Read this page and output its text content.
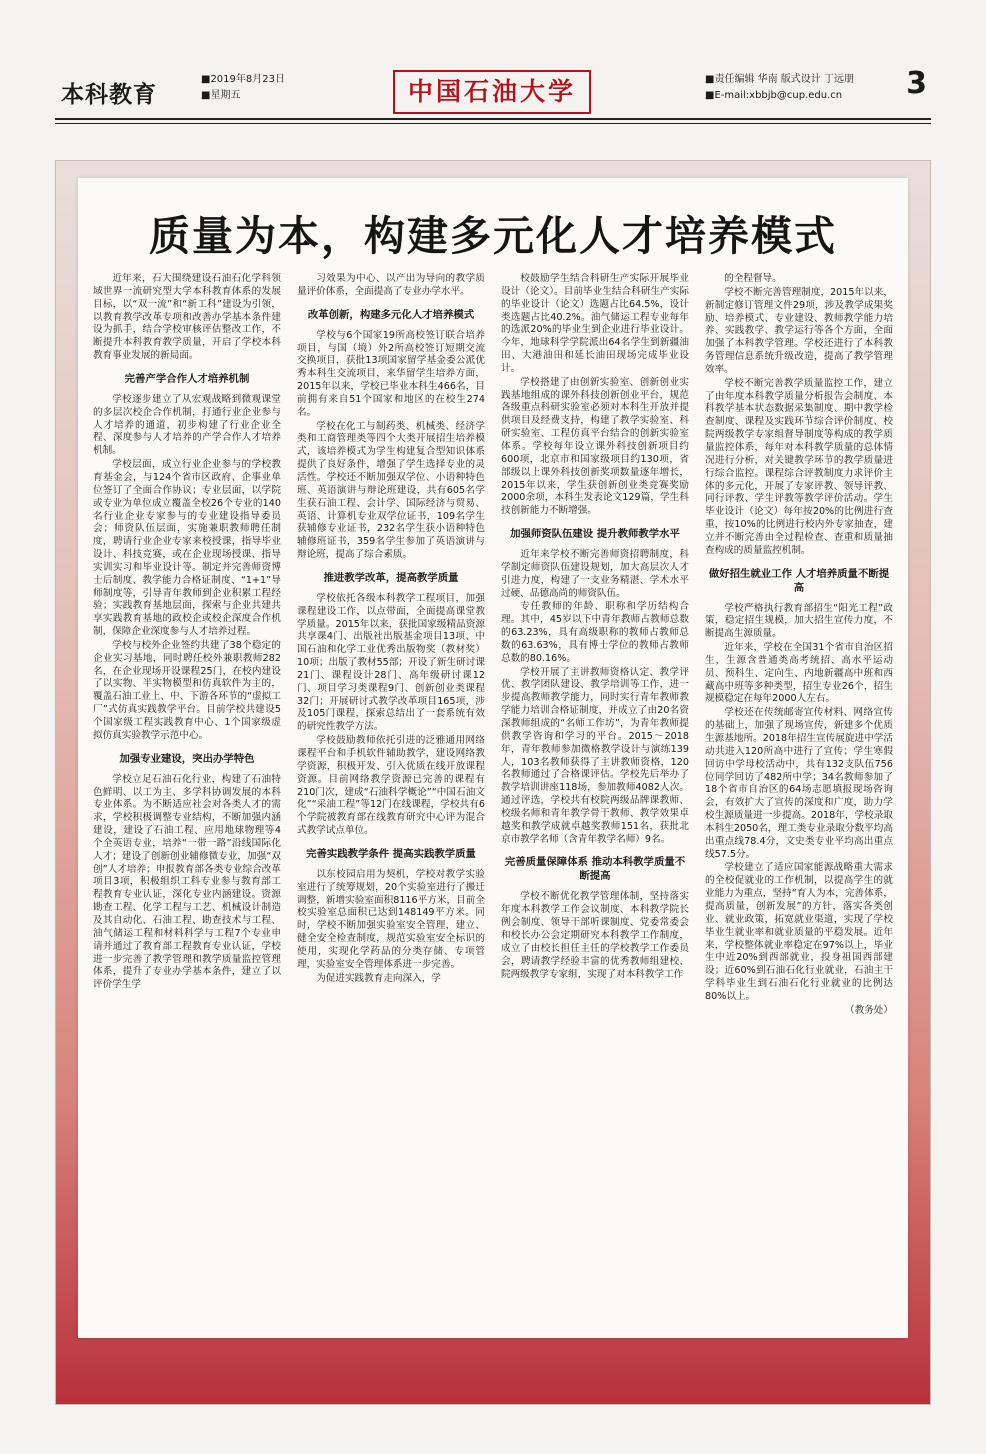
本科教育
■2019年8月23日
■星期五	中国石油大学	■责任编辑 华南 版式设计 丁远朋
■E-mail:xbbjb@cup.edu.cn	3
质量为本，构建多元化人才培养模式

近年来，石大围绕建设石油石化学科领域世界一流研究型大学本科教育体系的发展目标，以“双一流”和“新工科”建设为引领，以教育教学改革专项和改善办学基本条件建设为抓手，结合学校审核评估整改工作，不断提升本科教育教学质量，开启了学校本科教育事业发展的新局面。

完善产学合作人才培养机制

学校逐步建立了从宏观战略到微观课堂的多层次校企合作机制，打通行业企业参与人才培养的通道，初步构建了行业企业全程、深度参与人才培养的产学合作人才培养机制。

学校层面，成立行业企业参与的学校教育基金会，与124个省市区政府、企事业单位签订了全面合作协议；专业层面，以学院或专业为单位成立覆盖全校26个专业的140名行业企业专家参与的专业建设指导委员会；师资队伍层面，实施兼职教师聘任制度，聘请行业企业专家来校授课，指导毕业设计、科技竞赛，或在企业现场授课、指导实训实习和毕业设计等。制定并完善师资博士后制度、教学能力合格证制度、“1+1”导师制度等，引导青年教师到企业积累工程经验；实践教育基地层面，探索与企业共建共享实践教育基地的政校企或校企深度合作机制，保障企业深度参与人才培养过程。

学校与校外企业签约共建了38个稳定的企业实习基地，同时聘任校外兼职教师282名，在企业现场开设课程25门，在校内建设了以实物、半实物模型和仿真软件为主的，覆盖石油工业上、中、下游各环节的“虚拟工厂”式仿真实践教学平台。目前学校共建设5个国家级工程实践教育中心、1个国家级虚拟仿真实验教学示范中心。

加强专业建设，突出办学特色

学校立足石油石化行业，构建了石油特色鲜明、以工为主、多学科协调发展的本科专业体系。为不断适应社会对各类人才的需求，学校积极调整专业结构，不断加强内涵建设，建设了石油工程、应用地球物理等4个全英语专业，培养“一带一路”沿线国际化人才；建设了创新创业辅修微专业，加强“双创”人才培养；申报教育部各类专业综合改革项目3项，积极组织工科专业参与教育部工程教育专业认证，深化专业内涵建设。资源勘查工程、化学工程与工艺、机械设计制造及其自动化、石油工程、勘查技术与工程、油气储运工程和材料科学与工程7个专业申请并通过了教育部工程教育专业认证，学校进一步完善了教学管理和教学质量监控管理体系，提升了专业办学基本条件，建立了以评价学生学

习效果为中心、以产出为导向的教学质量评价体系，全面提高了专业办学水平。

改革创新，构建多元化人才培养模式

学校与6个国家19所高校签订联合培养项目，与国（境）外2所高校签订短期交流交换项目，获批13项国家留学基金委公派优秀本科生交流项目，来华留学生培养方面，2015年以来，学校已毕业本科生466名，目前拥有来自51个国家和地区的在校生274名。

学校在化工与制药类、机械类、经济学类和工商管理类等四个大类开展招生培养模式，该培养模式为学生构建复合型知识体系提供了良好条件，增强了学生选择专业的灵活性。学校还不断加强双学位、小语种特色班、英语演讲与辩论班建设，共有605名学生获石油工程、会计学、国际经济与贸易、英语、计算机专业双学位证书，109名学生获辅修专业证书，232名学生获小语种特色辅修班证书，359名学生参加了英语演讲与辩论班，提高了综合素质。

推进教学改革，提高教学质量

学校依托各级本科教学工程项目，加强课程建设工作，以点带面，全面提高课堂教学质量。2015年以来，获批国家级精品资源共享课4门、出版社出版基金项目13项、中国石油和化学工业优秀出版物奖（教材奖）10项；出版了教材55部；开设了新生研讨课21门、课程设计28门、高年级研讨课12门、项目学习类课程9门、创新创业类课程32门；开展研讨式教学改革项目165项，涉及105门课程，探索总结出了一套系统有效的研究性教学方法。

学校鼓励教师依托引进的泛雅通用网络课程平台和手机软件辅助教学，建设网络教学资源，积极开发、引入优质在线开放课程资源。目前网络教学资源已完善的课程有210门次，建成“石油科学概论”“中国石油文化”“采油工程”等12门在线课程，学校共有6个学院被教育部在线教育研究中心评为混合式教学试点单位。

完善实践教学条件 提高实践教学质量

以东校园启用为契机，学校对教学实验室进行了统筹规划，20个实验室进行了搬迁调整，新增实验室面积8116平方米，目前全校实验室总面积已达到148149平方米。同时，学校不断加强实验室安全管理，建立、健全安全检查制度，规范实验室安全标识的使用，实现化学药品的分类存储、专项管理，实验室安全管理体系进一步完善。

为促进实践教育走向深入，学

校鼓励学生结合科研生产实际开展毕业设计（论文）。目前毕业生结合科研生产实际的毕业设计（论文）选题占比64.5%，设计类选题占比40.2%。油气储运工程专业每年的选派20%的毕业生到企业进行毕业设计。今年，地球科学学院派出64名学生到新疆油田、大港油田和延长油田现场完成毕业设计。

学校搭建了由创新实验室、创新创业实践基地组成的课外科技创新创业平台，规范各级重点科研实验室必须对本科生开放并提供项目及经费支持，构建了教学实验室、科研实验室、工程仿真平台结合的创新实验室体系。学校每年设立课外科技创新项目约600项，北京市和国家级项目约130项，省部级以上课外科技创新奖项数量逐年增长，2015年以来，学生获创新创业类竞赛奖励2000余项，本科生发表论文129篇，学生科技创新能力不断增强。

加强师资队伍建设 提升教师教学水平

近年来学校不断完善师资招聘制度，科学制定师资队伍建设规划，加大高层次人才引进力度，构建了一支业务精湛、学术水平过硬、品德高尚的师资队伍。

专任教师的年龄、职称和学历结构合理。其中，45岁以下中青年教师占教师总数的63.23%，具有高级职称的教师占教师总数的63.63%，具有博士学位的教师占教师总数的80.16%。

学校开展了主讲教师资格认定、教学评优、教学团队建设、教学培训等工作，进一步提高教师教学能力，同时实行青年教师教学能力培训合格证制度，并成立了由20名资深教师组成的“名师工作坊”，为青年教师提供教学咨询和学习的平台。2015～2018年，青年教师参加微格教学设计与演练139人，103名教师获得了主讲教师资格，120名教师通过了合格课评估。学校先后举办了教学培训讲座118场，参加教师4082人次。通过评选，学校共有校院两级品牌课教师、校级名师和青年教学骨干教师、教学效果卓越奖和教学成就卓越奖教师151名，获批北京市教学名师（含青年教学名师）9名。

完善质量保障体系 推动本科教学质量不断提高

学校不断优化教学管理体制，坚持落实年度本科教学工作会议制度、本科教学院长例会制度、领导干部听课制度、党委常委会和校长办公会定期研究本科教学工作制度，成立了由校长担任主任的学校教学工作委员会，聘请教学经验丰富的优秀教师组建校、院两级教学专家组，实现了对本科教学工作

的全程督导。

学校不断完善管理制度，2015年以来，新制定修订管理文件29项，涉及教学成果奖励、培养模式、专业建设、教师教学能力培养、实践教学、教学运行等各个方面，全面加强了本科教学管理。学校还进行了本科教务管理信息系统升级改造，提高了教学管理效率。

学校不断完善教学质量监控工作，建立了由年度本科教学质量分析报告会制度、本科教学基本状态数据采集制度、期中教学检查制度、课程及实践环节综合评价制度、校院两级教学专家组督导制度等构成的教学质量监控体系，每年对本科教学质量的总体情况进行分析，对关键教学环节的教学质量进行综合监控。课程综合评教制度力求评价主体的多元化，开展了专家评教、领导评教、同行评教、学生评教等教学评价活动。学生毕业设计（论文）每年按20%的比例进行查重，按10%的比例进行校内外专家抽查，建立并不断完善由全过程检查、查重和质量抽查构成的质量监控机制。

做好招生就业工作 人才培养质量不断提高

学校严格执行教育部招生“阳光工程”政策，稳定招生规模，加大招生宣传力度，不断提高生源质量。

近年来，学校在全国31个省市自治区招生，生源含普通类高考统招、高水平运动员、预科生、定向生、内地新疆高中班和西藏高中班等多种类型，招生专业26个，招生规模稳定在每年2000人左右。

学校还在传统邮寄宣传材料、网络宣传的基础上，加强了现场宣传，新建多个优质生源基地所。2018年招生宣传展旋进中学活动共进入120所高中进行了宣传；学生寒假回访中学母校活动中，共有132支队伍756位同学回访了482所中学；34名教师参加了18个省市自治区的64场志愿填报现场咨询会，有效扩大了宣传的深度和广度，助力学校生源质量进一步提高。2018年，学校录取本科生2050名，理工类专业录取分数平均高出重点线78.4分，文史类专业平均高出重点线57.5分。

学校建立了适应国家能源战略重大需求的全校促就业的工作机制，以提高学生的就业能力为重点，坚持“育人为本，完善体系，提高质量，创新发展”的方针，落实各类创业、就业政策，拓宽就业渠道，实现了学校毕业生就业率和就业质量的平稳发展。近年来，学校整体就业率稳定在97%以上，毕业生中近20%到西部就业，投身祖国西部建设；近60%到石油石化行业就业，石油主干学科毕业生到石油石化行业就业的比例达80%以上。

（教务处）
